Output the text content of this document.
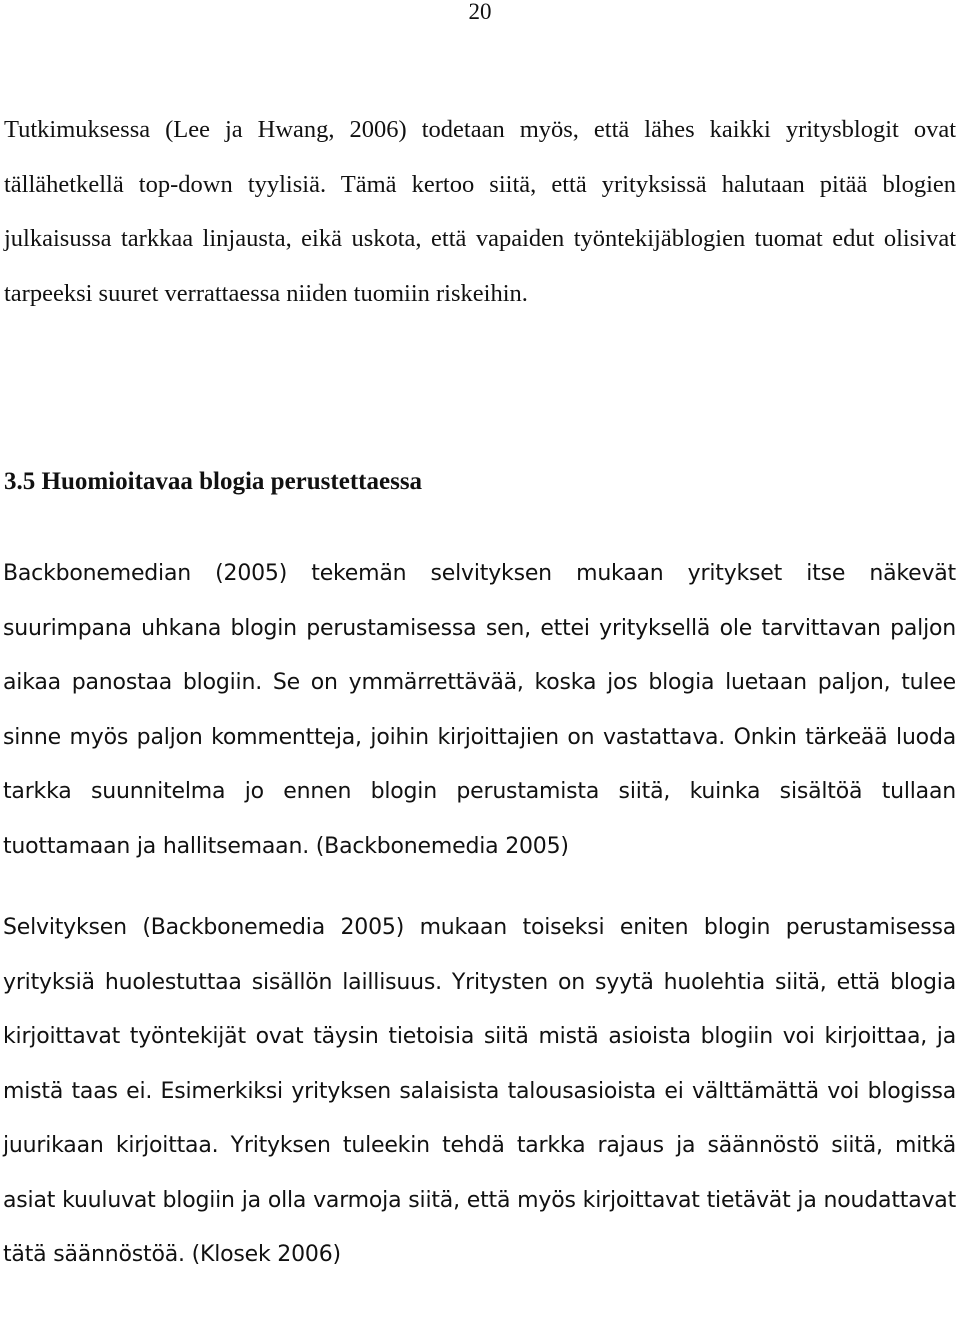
20

Tutkimuksessa (Lee ja Hwang, 2006) todetaan myös, että lähes kaikki yritysblogit ovat tällähetkellä top-down tyylisiä. Tämä kertoo siitä, että yrityksissä halutaan pitää blogien julkaisussa tarkkaa linjausta, eikä uskota, että vapaiden työntekijäblogien tuomat edut olisivat tarpeeksi suuret verrattaessa niiden tuomiin riskeihin.

3.5 Huomioitavaa blogia perustettaessa

Backbonemedian (2005) tekemän selvityksen mukaan yritykset itse näkevät suurimpana uhkana blogin perustamisessa sen, ettei yrityksellä ole tarvittavan paljon aikaa panostaa blogiin. Se on ymmärrettävää, koska jos blogia luetaan paljon, tulee sinne myös paljon kommentteja, joihin kirjoittajien on vastattava. Onkin tärkeää luoda tarkka suunnitelma jo ennen blogin perustamista siitä, kuinka sisältöä tullaan tuottamaan ja hallitsemaan. (Backbonemedia 2005)

Selvityksen (Backbonemedia 2005) mukaan toiseksi eniten blogin perustamisessa yrityksiä huolestuttaa sisällön laillisuus. Yritysten on syytä huolehtia siitä, että blogia kirjoittavat työntekijät ovat täysin tietoisia siitä mistä asioista blogiin voi kirjoittaa, ja mistä taas ei. Esimerkiksi yrityksen salaisista talousasioista ei välttämättä voi blogissa juurikaan kirjoittaa. Yrityksen tuleekin tehdä tarkka rajaus ja säännöstö siitä, mitkä asiat kuuluvat blogiin ja olla varmoja siitä, että myös kirjoittavat tietävät ja noudattavat tätä säännöstöä. (Klosek 2006)
